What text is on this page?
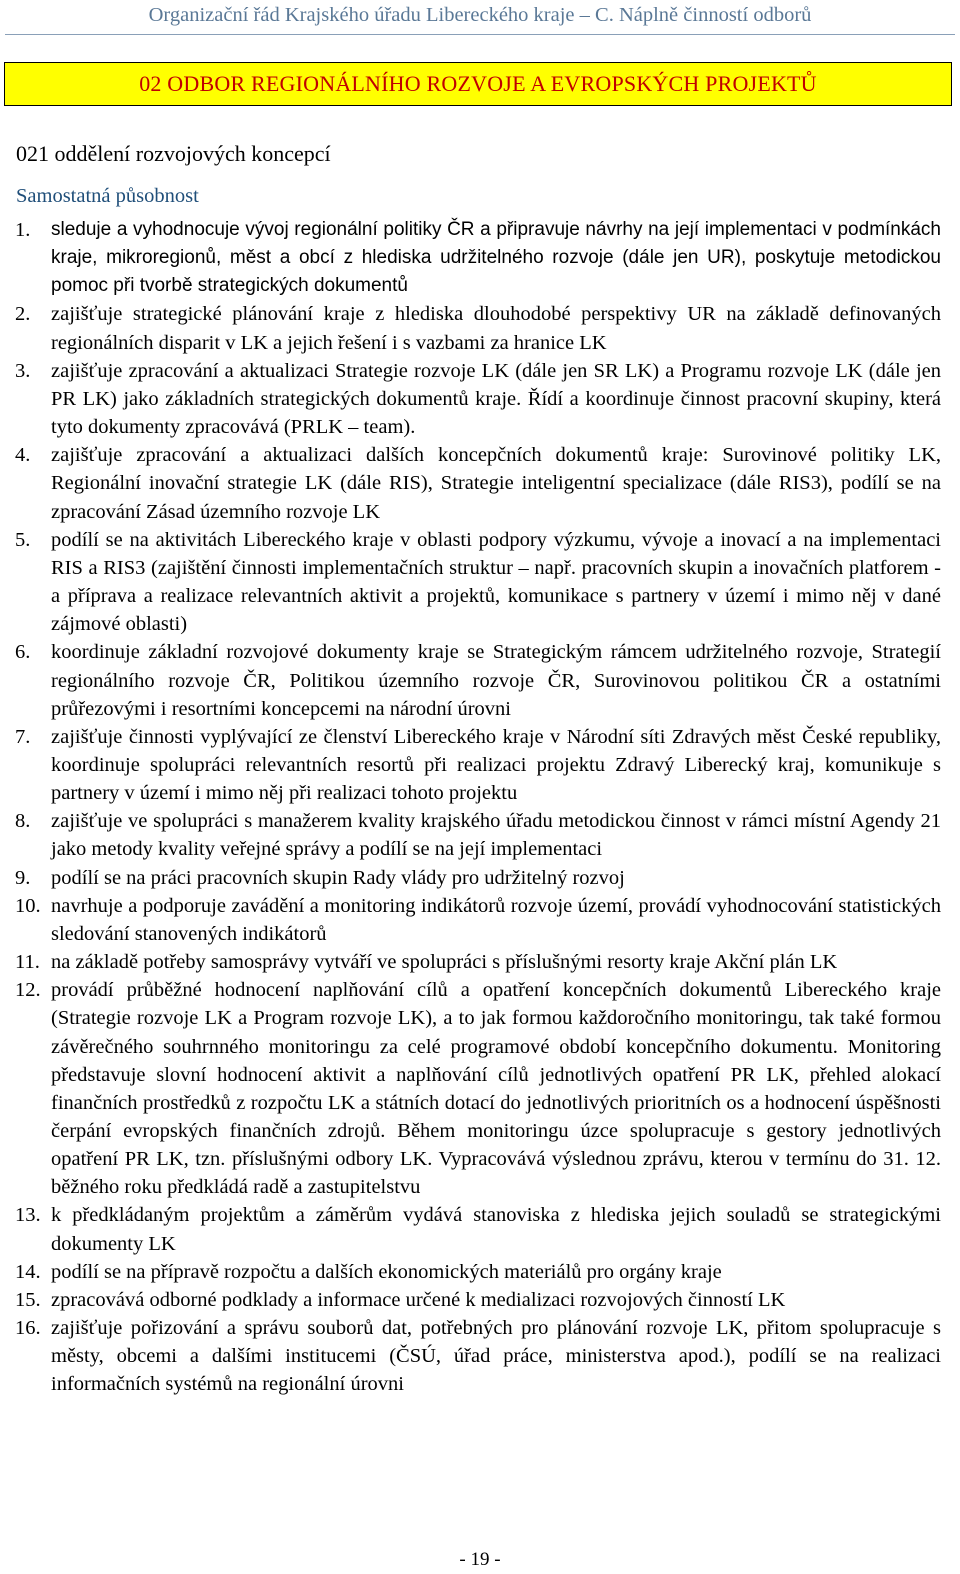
Organizační řád Krajského úřadu Libereckého kraje – C. Náplně činností odborů
02 ODBOR REGIONÁLNÍHO ROZVOJE A EVROPSKÝCH PROJEKTŮ
021 oddělení rozvojových koncepcí
Samostatná působnost
1. sleduje a vyhodnocuje vývoj regionální politiky ČR a připravuje návrhy na její implementaci v podmínkách kraje, mikroregionů, měst a obcí z hlediska udržitelného rozvoje (dále jen UR), poskytuje metodickou pomoc při tvorbě strategických dokumentů
2. zajišťuje strategické plánování kraje z hlediska dlouhodobé perspektivy UR na základě definovaných regionálních disparit v LK a jejich řešení i s vazbami za hranice LK
3. zajišťuje zpracování a aktualizaci Strategie rozvoje LK (dále jen SR LK) a Programu rozvoje LK (dále jen PR LK) jako základních strategických dokumentů kraje. Řídí a koordinuje činnost pracovní skupiny, která tyto dokumenty zpracovává (PRLK – team).
4. zajišťuje zpracování a aktualizaci dalších koncepčních dokumentů kraje: Surovinové politiky LK, Regionální inovační strategie LK (dále RIS), Strategie inteligentní specializace (dále RIS3), podílí se na zpracování Zásad územního rozvoje LK
5. podílí se na aktivitách Libereckého kraje v oblasti podpory výzkumu, vývoje a inovací a na implementaci RIS a RIS3 (zajištění činnosti implementačních struktur – např. pracovních skupin a inovačních platforem - a příprava a realizace relevantních aktivit a projektů, komunikace s partnery v území i mimo něj v dané zájmové oblasti)
6. koordinuje základní rozvojové dokumenty kraje se Strategickým rámcem udržitelného rozvoje, Strategií regionálního rozvoje ČR, Politikou územního rozvoje ČR, Surovinovou politikou ČR a ostatními průřezovými i resortními koncepcemi na národní úrovni
7. zajišťuje činnosti vyplývající ze členství Libereckého kraje v Národní síti Zdravých měst České republiky, koordinuje spolupráci relevantních resortů při realizaci projektu Zdravý Liberecký kraj, komunikuje s partnery v území i mimo něj při realizaci tohoto projektu
8. zajišťuje ve spolupráci s manažerem kvality krajského úřadu metodickou činnost v rámci místní Agendy 21 jako metody kvality veřejné správy a podílí se na její implementaci
9. podílí se na práci pracovních skupin Rady vlády pro udržitelný rozvoj
10. navrhuje a podporuje zavádění a monitoring indikátorů rozvoje území, provádí vyhodnocování statistických sledování stanovených indikátorů
11. na základě potřeby samosprávy vytváří ve spolupráci s příslušnými resorty kraje Akční plán LK
12. provádí průběžné hodnocení naplňování cílů a opatření koncepčních dokumentů Libereckého kraje (Strategie rozvoje LK a Program rozvoje LK), a to jak formou každoročního monitoringu, tak také formou závěrečného souhrnného monitoringu za celé programové období koncepčního dokumentu. Monitoring představuje slovní hodnocení aktivit a naplňování cílů jednotlivých opatření PR LK, přehled alokací finančních prostředků z rozpočtu LK a státních dotací do jednotlivých prioritních os a hodnocení úspěšnosti čerpání evropských finančních zdrojů. Během monitoringu úzce spolupracuje s gestory jednotlivých opatření PR LK, tzn. příslušnými odbory LK. Vypracovává výslednou zprávu, kterou v termínu do 31. 12. běžného roku předkládá radě a zastupitelstvu
13. k předkládaným projektům a záměrům vydává stanoviska z hlediska jejich souladů se strategickými dokumenty LK
14. podílí se na přípravě rozpočtu a dalších ekonomických materiálů pro orgány kraje
15. zpracovává odborné podklady a informace určené k medializaci rozvojových činností LK
16. zajišťuje pořizování a správu souborů dat, potřebných pro plánování rozvoje LK, přitom spolupracuje s městy, obcemi a dalšími institucemi (ČSÚ, úřad práce, ministerstva apod.), podílí se na realizaci informačních systémů na regionální úrovni
- 19 -
